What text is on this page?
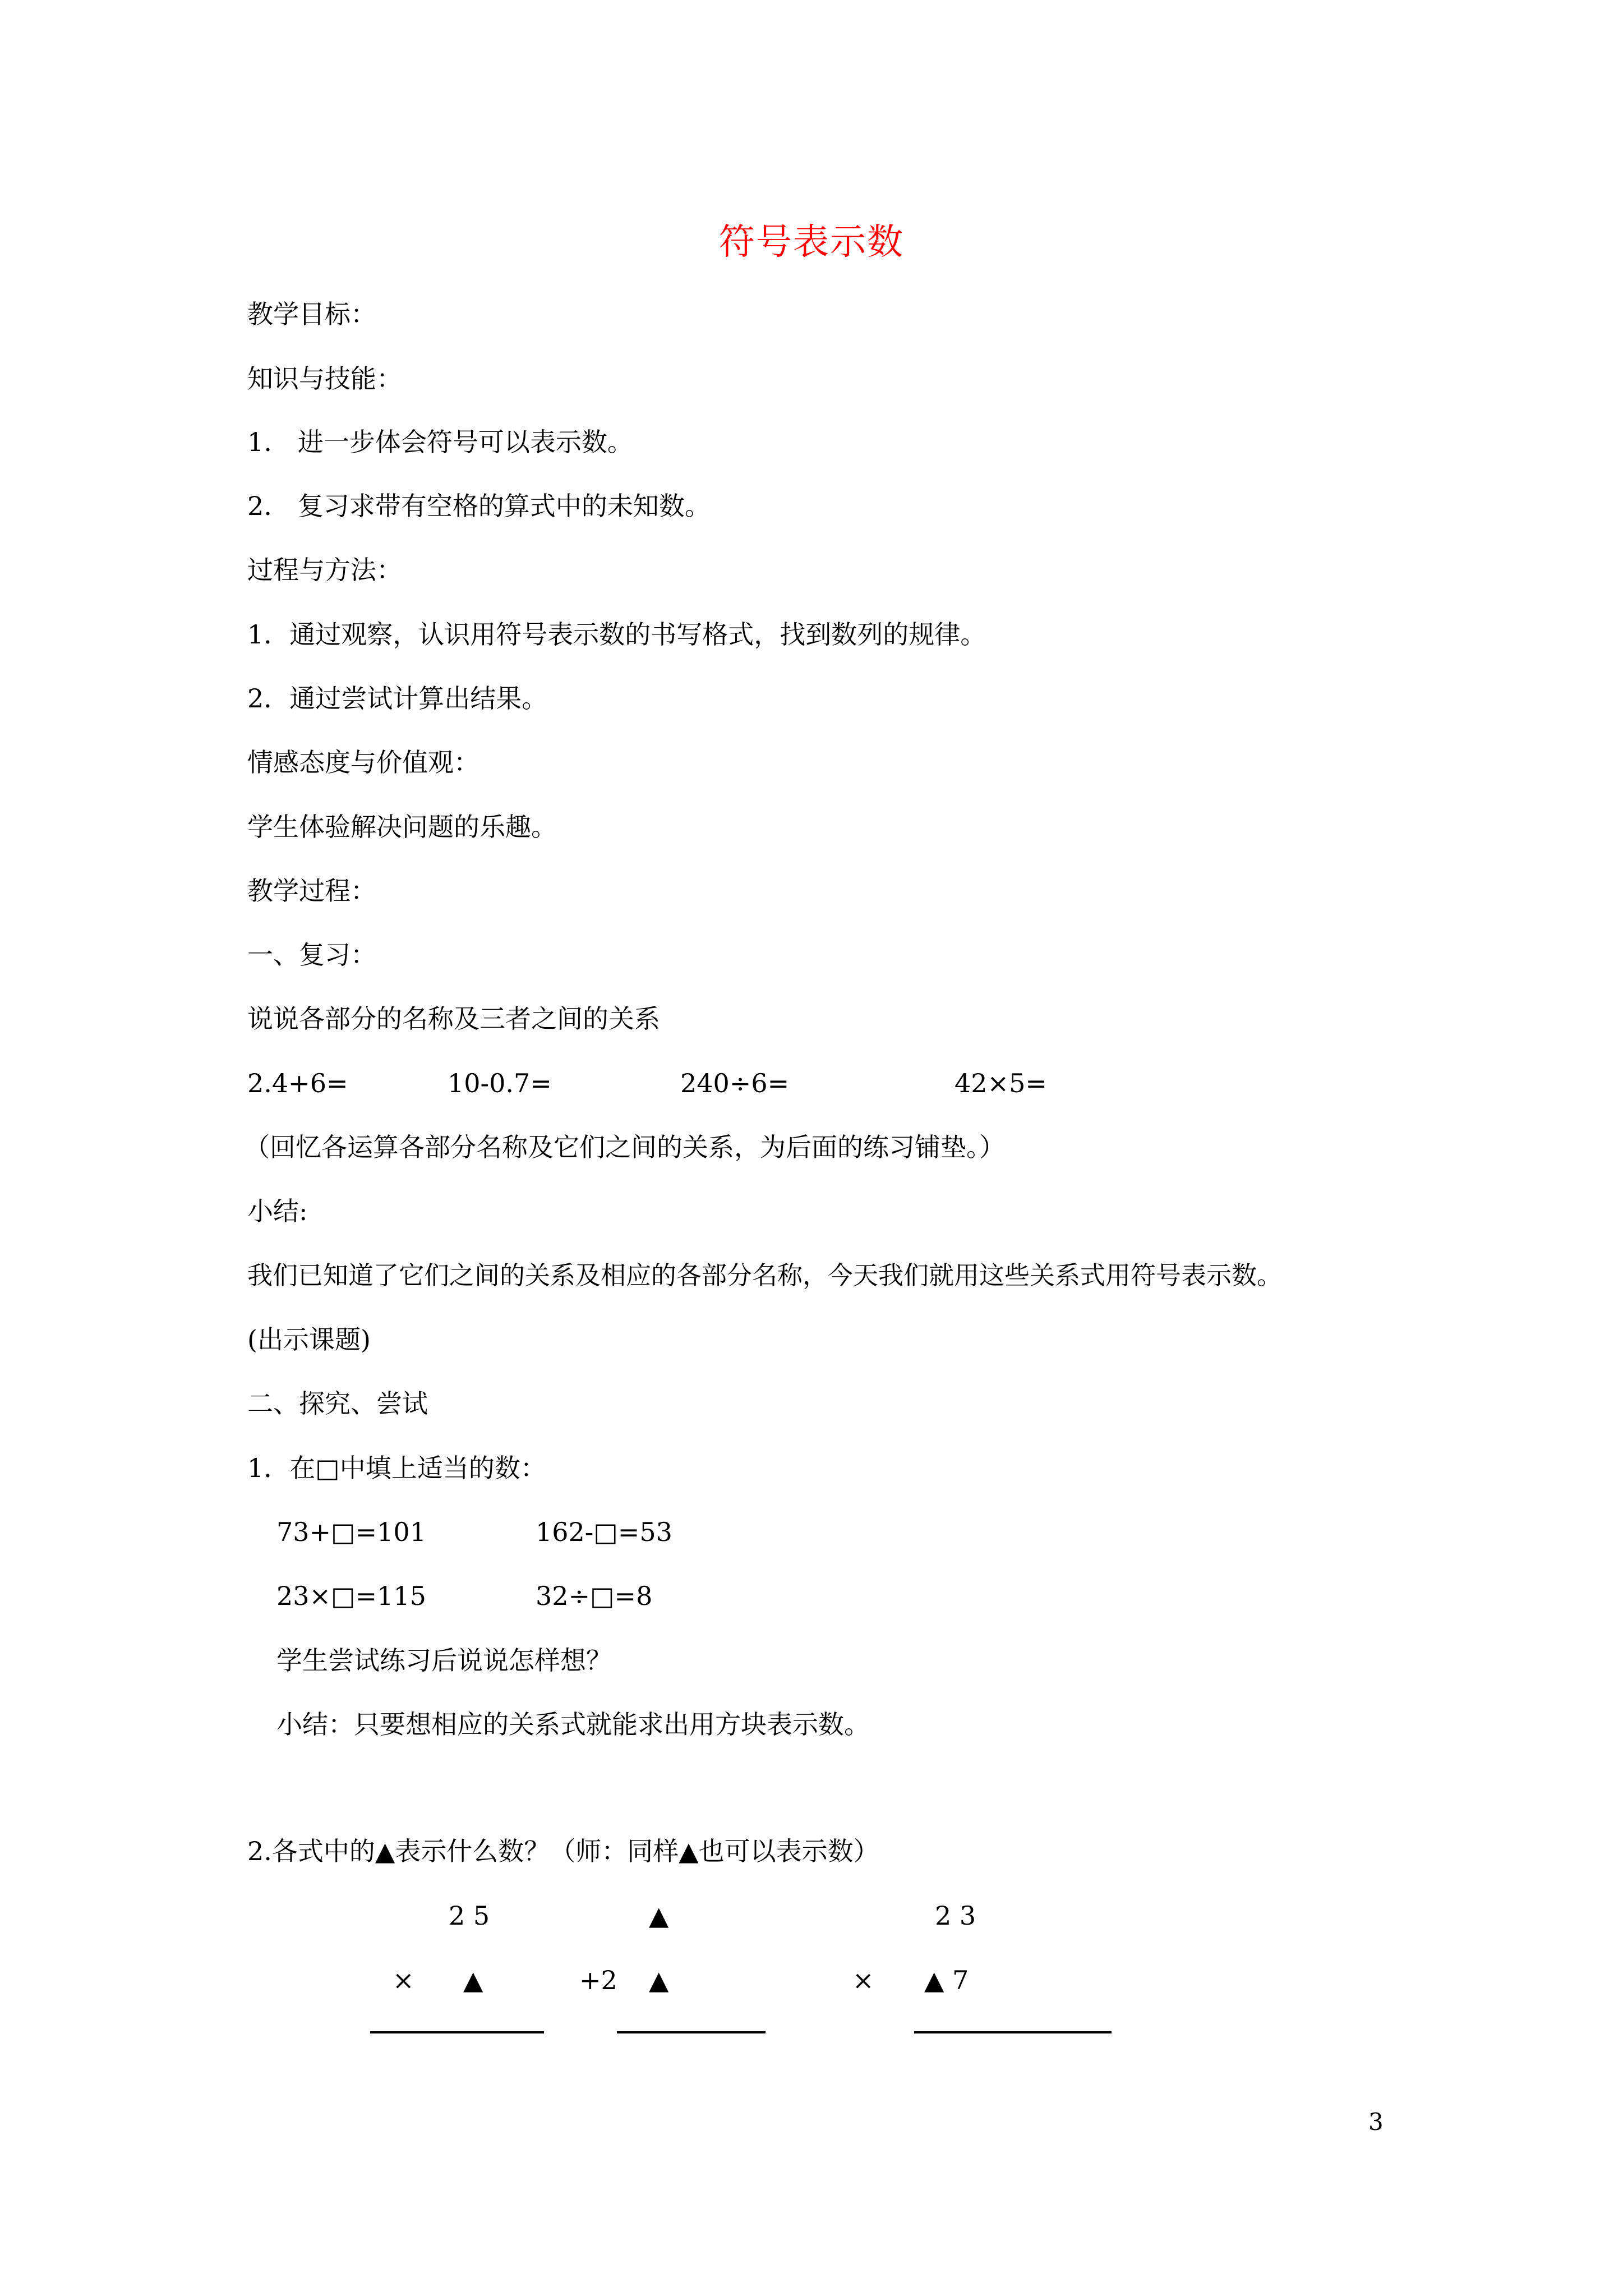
符号表示数
教学目标：
知识与技能：
1.　进一步体会符号可以表示数。
2.　复习求带有空格的算式中的未知数。
过程与方法：
1．通过观察，认识用符号表示数的书写格式，找到数列的规律。
2．通过尝试计算出结果。
情感态度与价值观：
学生体验解决问题的乐趣。
教学过程：
一、复习：
说说各部分的名称及三者之间的关系
2.4+6=	10-0.7=	240÷6=	42×5=
（回忆各运算各部分名称及它们之间的关系，为后面的练习铺垫。）
小结:
我们已知道了它们之间的关系及相应的各部分名称，今天我们就用这些关系式用符号表示数。
(出示课题)
二、探究、尝试
1．在□中填上适当的数：
73+□=101	162-□=53
23×□=115	32÷□=8
学生尝试练习后说说怎样想？
小结：只要想相应的关系式就能求出用方块表示数。
2.各式中的▲表示什么数？（师：同样▲也可以表示数）
2 5
× ▲
▲
+2 ▲
2 3
× ▲ 7
3
